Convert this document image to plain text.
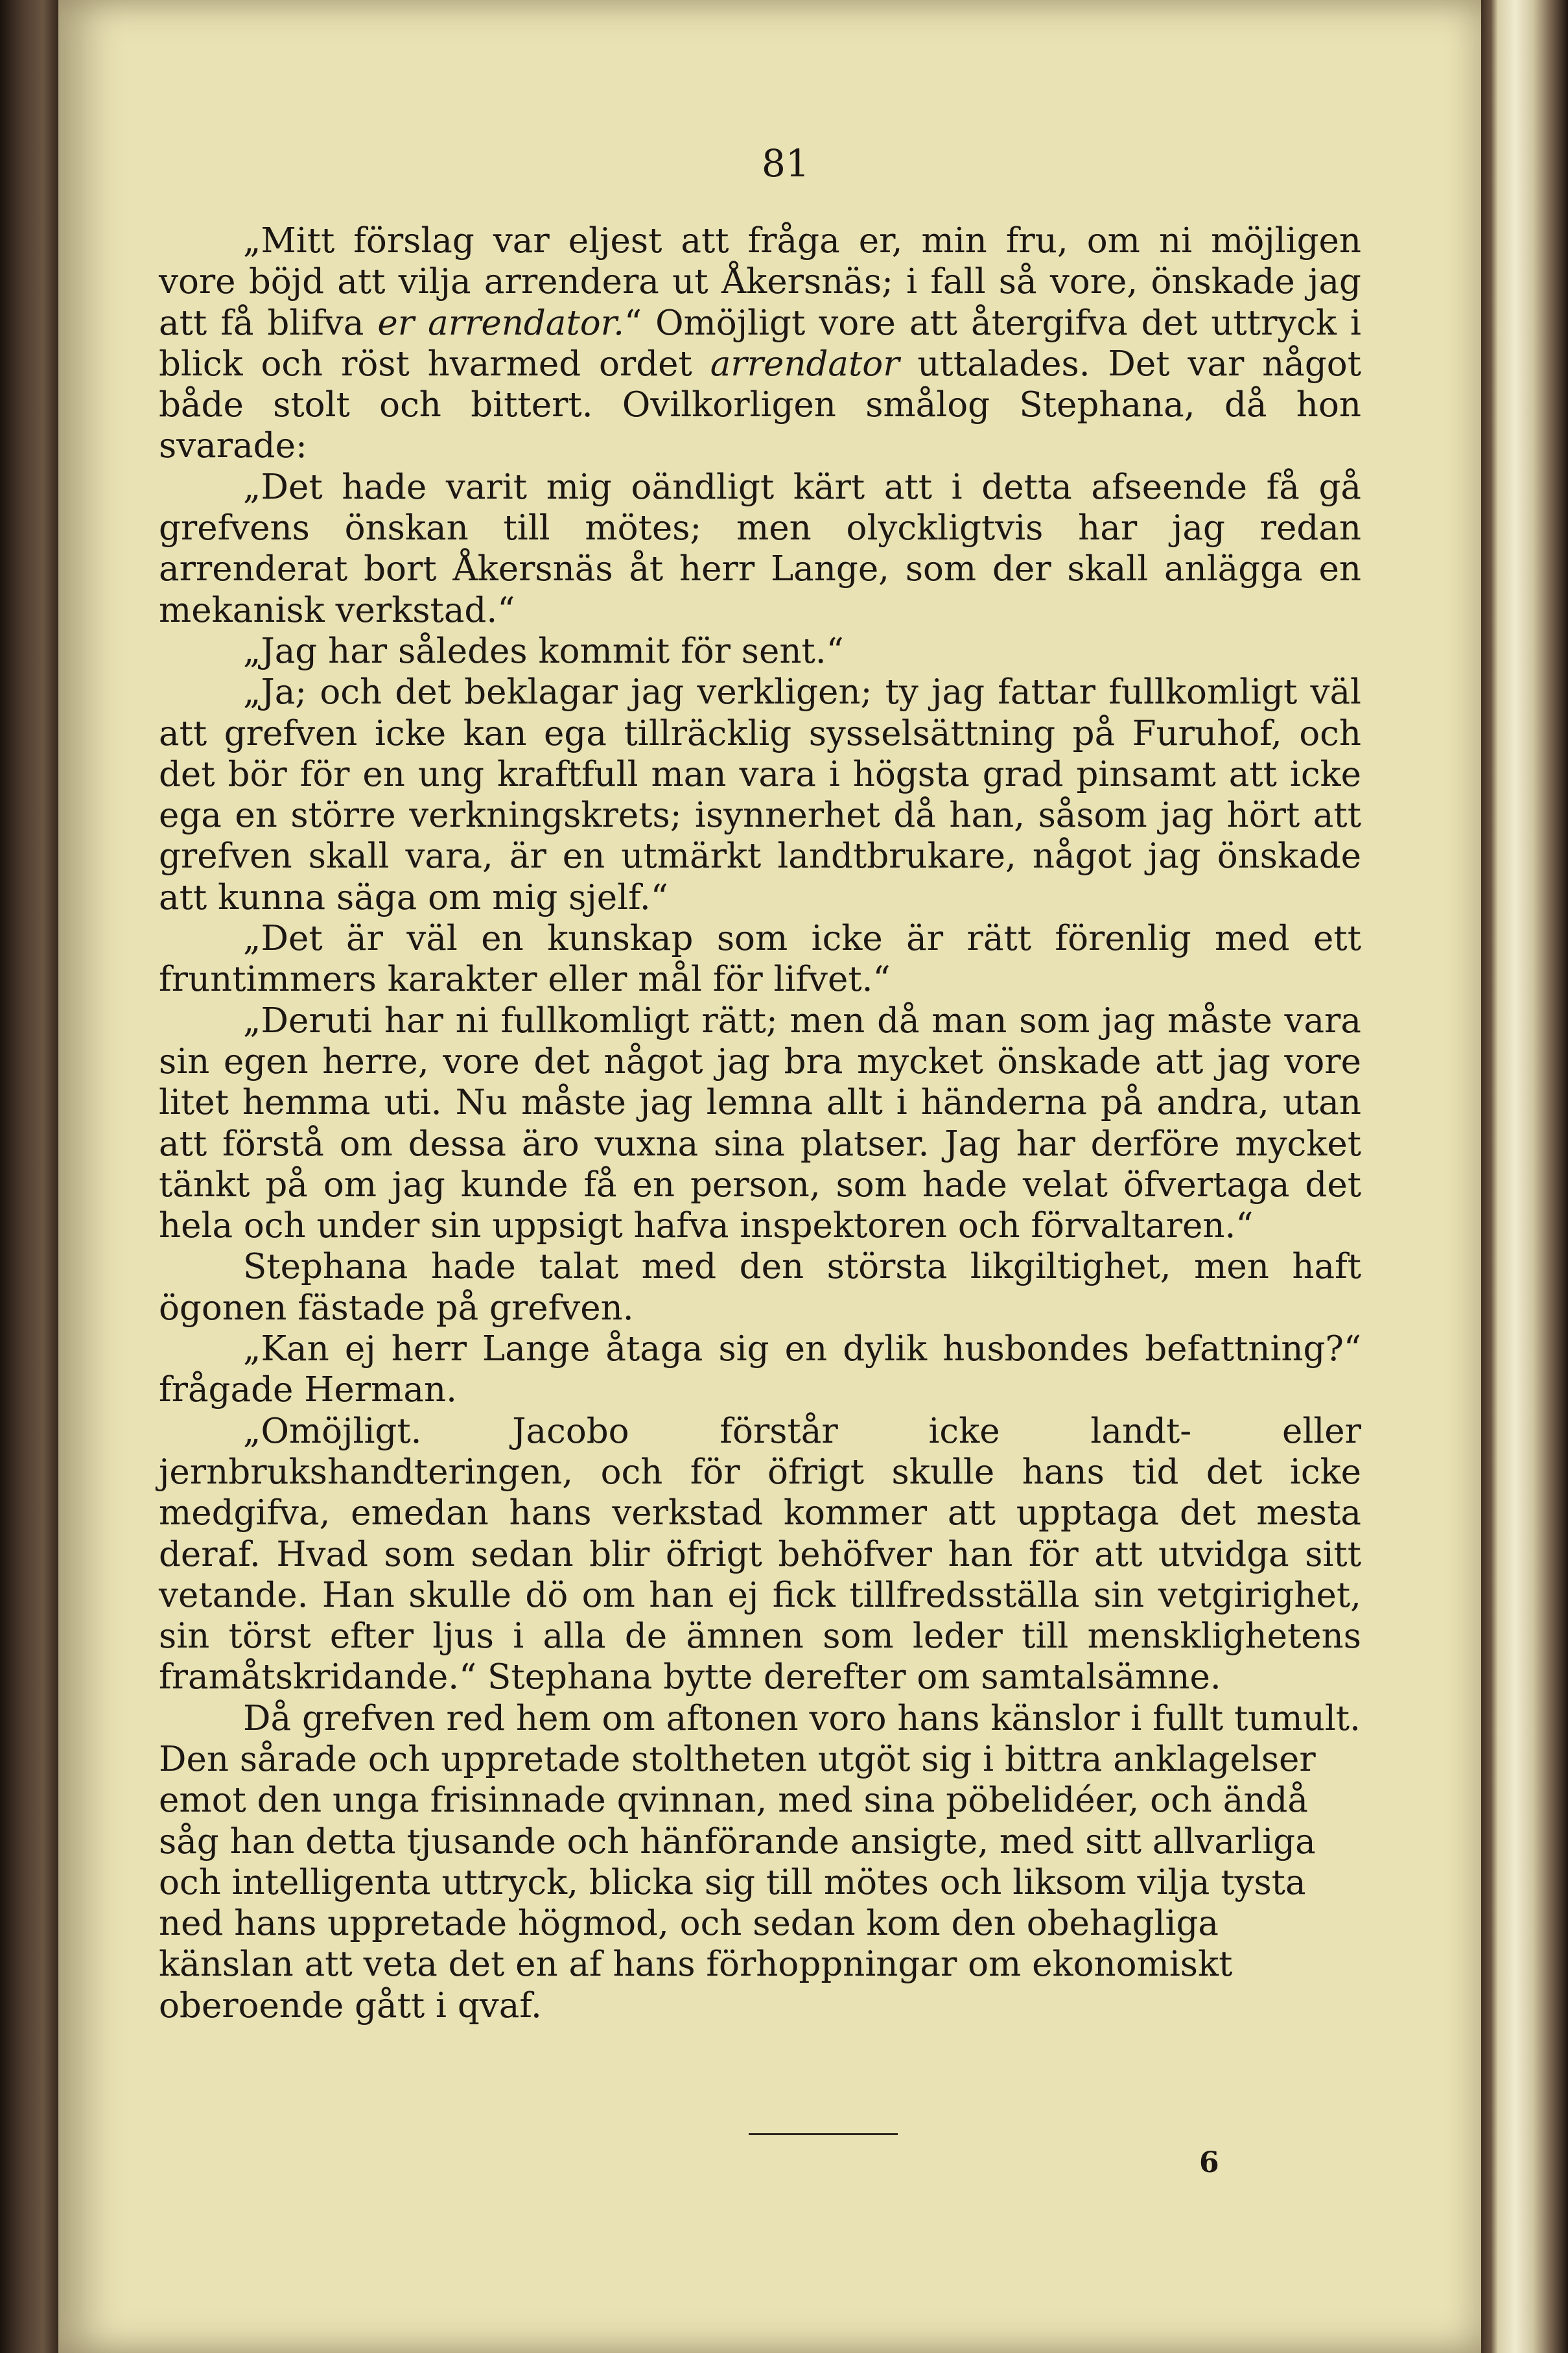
81

„Mitt förslag var eljest att fråga er, min fru, om ni möjligen vore böjd att vilja arrendera ut Åkersnäs; i fall så vore, önskade jag att få blifva er arrendator.“ Omöjligt vore att återgifva det uttryck i blick och röst hvarmed ordet arrendator uttalades. Det var något både stolt och bittert. Ovilkorligen smålog Stephana, då hon svarade:

„Det hade varit mig oändligt kärt att i detta afseende få gå grefvens önskan till mötes; men olyckligtvis har jag redan arrenderat bort Åkersnäs åt herr Lange, som der skall anlägga en mekanisk verkstad.“

„Jag har således kommit för sent.“

„Ja; och det beklagar jag verkligen; ty jag fattar fullkomligt väl att grefven icke kan ega tillräcklig sysselsättning på Furuhof, och det bör för en ung kraftfull man vara i högsta grad pinsamt att icke ega en större verkningskrets; isynnerhet då han, såsom jag hört att grefven skall vara, är en utmärkt landtbrukare, något jag önskade att kunna säga om mig sjelf.“

„Det är väl en kunskap som icke är rätt förenlig med ett fruntimmers karakter eller mål för lifvet.“

„Deruti har ni fullkomligt rätt; men då man som jag måste vara sin egen herre, vore det något jag bra mycket önskade att jag vore litet hemma uti. Nu måste jag lemna allt i händerna på andra, utan att förstå om dessa äro vuxna sina platser. Jag har derföre mycket tänkt på om jag kunde få en person, som hade velat öfvertaga det hela och under sin uppsigt hafva inspektoren och förvaltaren.“

Stephana hade talat med den största likgiltighet, men haft ögonen fästade på grefven.

„Kan ej herr Lange åtaga sig en dylik husbondes befattning?“ frågade Herman.

„Omöjligt. Jacobo förstår icke landt- eller jernbrukshandteringen, och för öfrigt skulle hans tid det icke medgifva, emedan hans verkstad kommer att upptaga det mesta deraf. Hvad som sedan blir öfrigt behöfver han för att utvidga sitt vetande. Han skulle dö om han ej fick tillfredsställa sin vetgirighet, sin törst efter ljus i alla de ämnen som leder till mensklighetens framåtskridande.“ Stephana bytte derefter om samtalsämne.

Då grefven red hem om aftonen voro hans känslor i fullt tumult. Den sårade och uppretade stoltheten utgöt sig i bittra anklagelser emot den unga frisinnade qvinnan, med sina pöbelidéer, och ändå såg han detta tjusande och hänförande ansigte, med sitt allvarliga och intelligenta uttryck, blicka sig till mötes och liksom vilja tysta ned hans uppretade högmod, och sedan kom den obehagliga känslan att veta det en af hans förhoppningar om ekonomiskt oberoende gått i qvaf.

6
